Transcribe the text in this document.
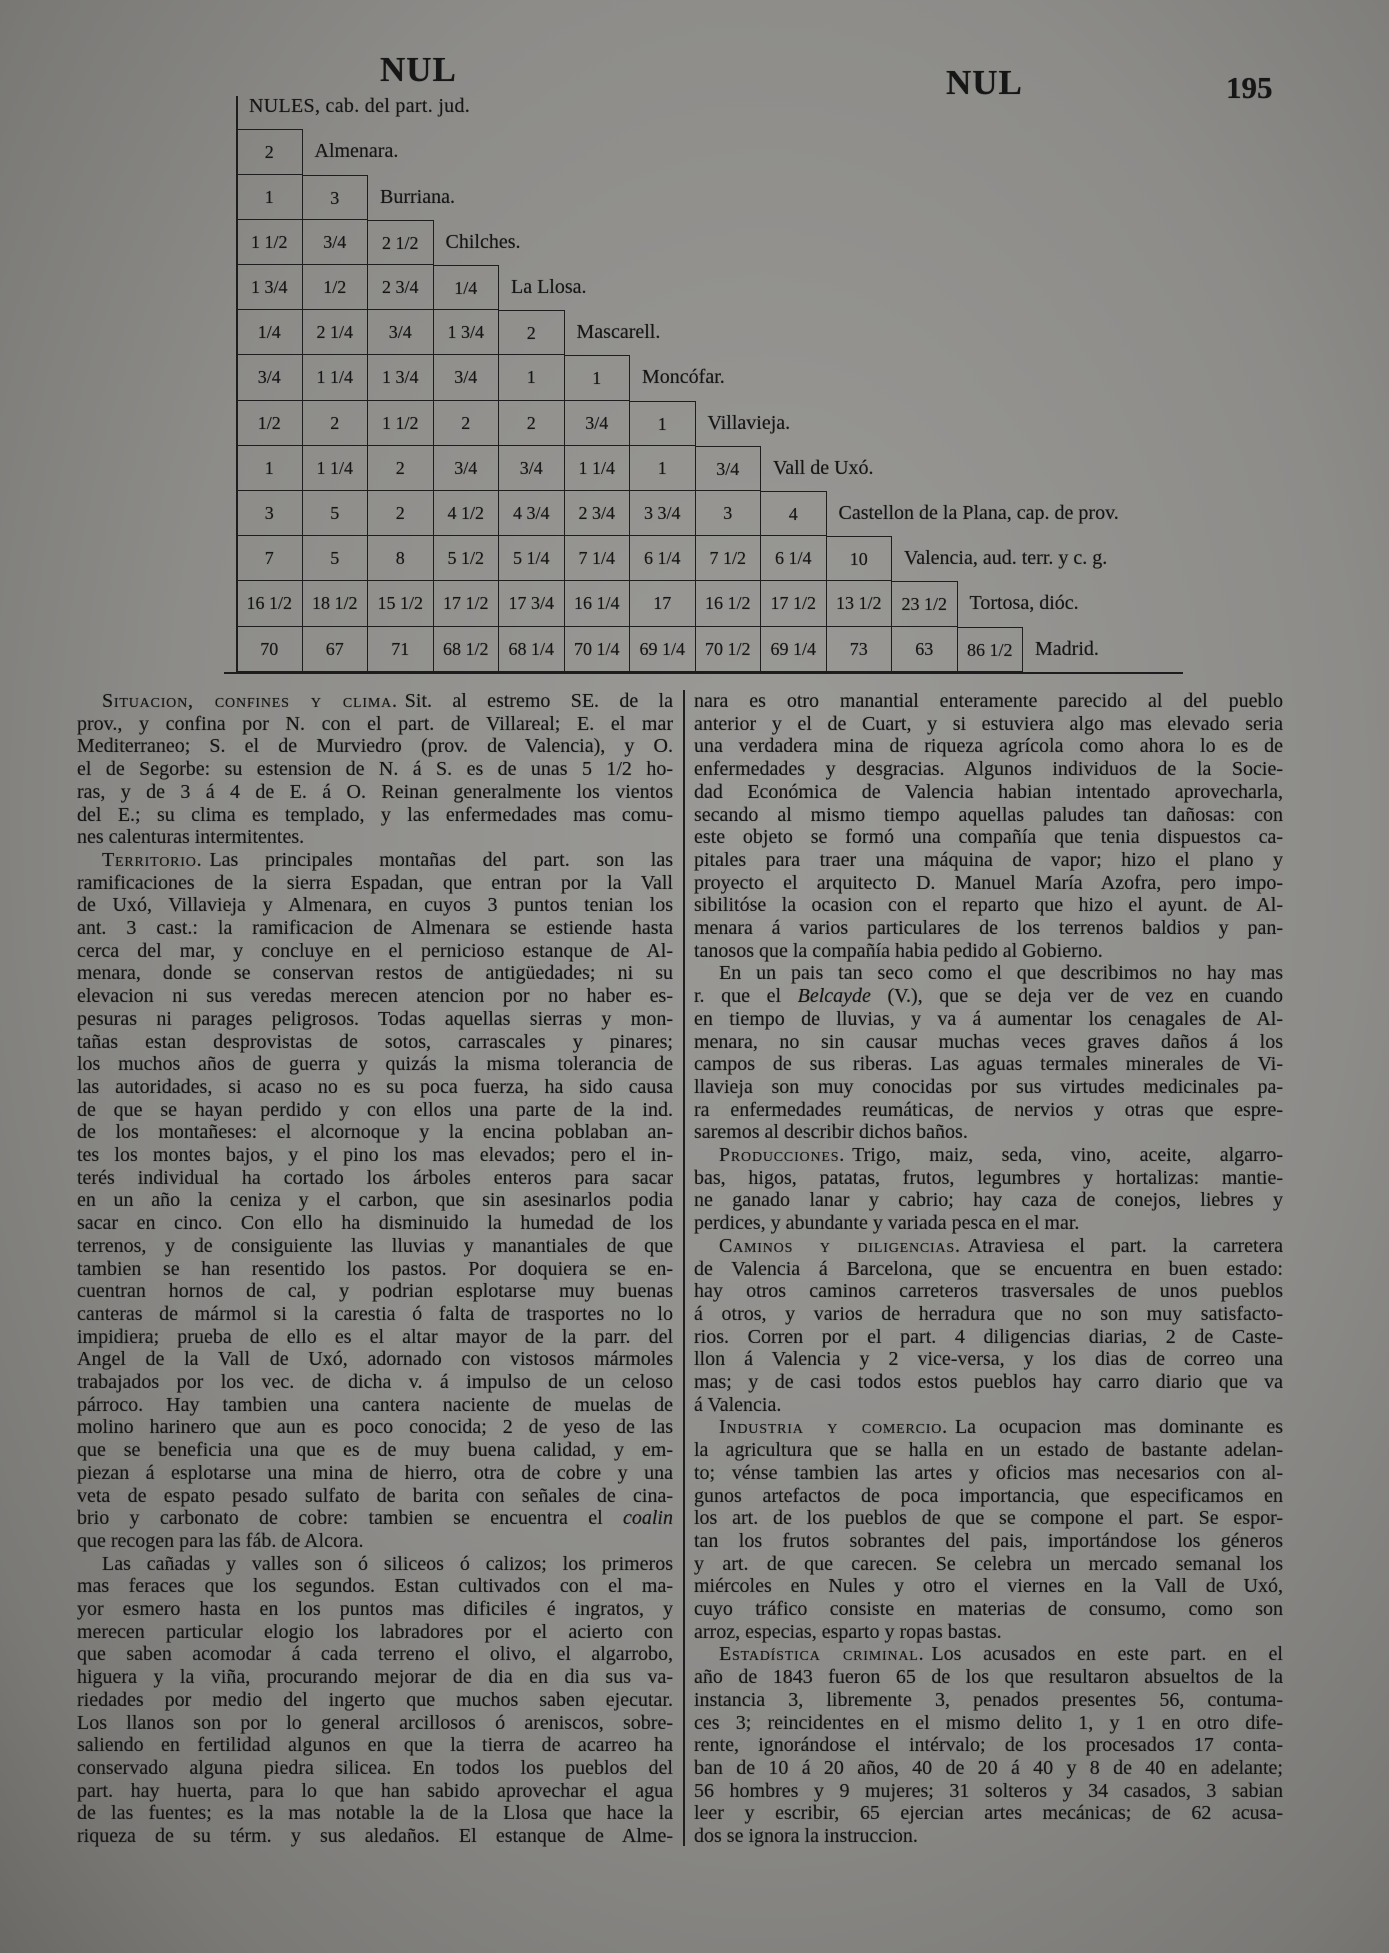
NUL	NUL	195
NULES, cab. del part. jud.
2	Almenara.
1	3	Burriana.
1 1/2	3/4	2 1/2	Chilches.
1 3/4	1/2	2 3/4	1/4	La Llosa.
1/4	2 1/4	3/4	1 3/4	2	Mascarell.
3/4	1 1/4	1 3/4	3/4	1	1	Moncófar.
1/2	2	1 1/2	2	2	3/4	1	Villavieja.
1	1 1/4	2	3/4	3/4	1 1/4	1	3/4	Vall de Uxó.
3	5	2	4 1/2	4 3/4	2 3/4	3 3/4	3	4	Castellon de la Plana, cap. de prov.
7	5	8	5 1/2	5 1/4	7 1/4	6 1/4	7 1/2	6 1/4	10	Valencia, aud. terr. y c. g.
16 1/2	18 1/2	15 1/2	17 1/2	17 3/4	16 1/4	17	16 1/2	17 1/2	13 1/2	23 1/2	Tortosa, dióc.
70	67	71	68 1/2	68 1/4	70 1/4	69 1/4	70 1/2	69 1/4	73	63	86 1/2	Madrid.
Situacion, confines y clima. Sit. al estremo SE. de la
prov., y confina por N. con el part. de Villareal; E. el mar
Mediterraneo; S. el de Murviedro (prov. de Valencia), y O.
el de Segorbe: su estension de N. á S. es de unas 5 1/2 ho-
ras, y de 3 á 4 de E. á O. Reinan generalmente los vientos
del E.; su clima es templado, y las enfermedades mas comu-
nes calenturas intermitentes.
Territorio. Las principales montañas del part. son las
ramificaciones de la sierra Espadan, que entran por la Vall
de Uxó, Villavieja y Almenara, en cuyos 3 puntos tenian los
ant. 3 cast.: la ramificacion de Almenara se estiende hasta
cerca del mar, y concluye en el pernicioso estanque de Al-
menara, donde se conservan restos de antigüedades; ni su
elevacion ni sus veredas merecen atencion por no haber es-
pesuras ni parages peligrosos. Todas aquellas sierras y mon-
tañas estan desprovistas de sotos, carrascales y pinares;
los muchos años de guerra y quizás la misma tolerancia de
las autoridades, si acaso no es su poca fuerza, ha sido causa
de que se hayan perdido y con ellos una parte de la ind.
de los montañeses: el alcornoque y la encina poblaban an-
tes los montes bajos, y el pino los mas elevados; pero el in-
terés individual ha cortado los árboles enteros para sacar
en un año la ceniza y el carbon, que sin asesinarlos podia
sacar en cinco. Con ello ha disminuido la humedad de los
terrenos, y de consiguiente las lluvias y manantiales de que
tambien se han resentido los pastos. Por doquiera se en-
cuentran hornos de cal, y podrian esplotarse muy buenas
canteras de mármol si la carestia ó falta de trasportes no lo
impidiera; prueba de ello es el altar mayor de la parr. del
Angel de la Vall de Uxó, adornado con vistosos mármoles
trabajados por los vec. de dicha v. á impulso de un celoso
párroco. Hay tambien una cantera naciente de muelas de
molino harinero que aun es poco conocida; 2 de yeso de las
que se beneficia una que es de muy buena calidad, y em-
piezan á esplotarse una mina de hierro, otra de cobre y una
veta de espato pesado sulfato de barita con señales de cina-
brio y carbonato de cobre: tambien se encuentra el coalin
que recogen para las fáb. de Alcora.
Las cañadas y valles son ó siliceos ó calizos; los primeros
mas feraces que los segundos. Estan cultivados con el ma-
yor esmero hasta en los puntos mas dificiles é ingratos, y
merecen particular elogio los labradores por el acierto con
que saben acomodar á cada terreno el olivo, el algarrobo,
higuera y la viña, procurando mejorar de dia en dia sus va-
riedades por medio del ingerto que muchos saben ejecutar.
Los llanos son por lo general arcillosos ó areniscos, sobre-
saliendo en fertilidad algunos en que la tierra de acarreo ha
conservado alguna piedra silicea. En todos los pueblos del
part. hay huerta, para lo que han sabido aprovechar el agua
de las fuentes; es la mas notable la de la Llosa que hace la
riqueza de su térm. y sus aledaños. El estanque de Alme-
nara es otro manantial enteramente parecido al del pueblo
anterior y el de Cuart, y si estuviera algo mas elevado seria
una verdadera mina de riqueza agrícola como ahora lo es de
enfermedades y desgracias. Algunos individuos de la Socie-
dad Económica de Valencia habian intentado aprovecharla,
secando al mismo tiempo aquellas paludes tan dañosas: con
este objeto se formó una compañía que tenia dispuestos ca-
pitales para traer una máquina de vapor; hizo el plano y
proyecto el arquitecto D. Manuel María Azofra, pero impo-
sibilitóse la ocasion con el reparto que hizo el ayunt. de Al-
menara á varios particulares de los terrenos baldios y pan-
tanosos que la compañía habia pedido al Gobierno.
En un pais tan seco como el que describimos no hay mas
r. que el Belcayde (V.), que se deja ver de vez en cuando
en tiempo de lluvias, y va á aumentar los cenagales de Al-
menara, no sin causar muchas veces graves daños á los
campos de sus riberas. Las aguas termales minerales de Vi-
llavieja son muy conocidas por sus virtudes medicinales pa-
ra enfermedades reumáticas, de nervios y otras que espre-
saremos al describir dichos baños.
Producciones. Trigo, maiz, seda, vino, aceite, algarro-
bas, higos, patatas, frutos, legumbres y hortalizas: mantie-
ne ganado lanar y cabrio; hay caza de conejos, liebres y
perdices, y abundante y variada pesca en el mar.
Caminos y diligencias. Atraviesa el part. la carretera
de Valencia á Barcelona, que se encuentra en buen estado:
hay otros caminos carreteros trasversales de unos pueblos
á otros, y varios de herradura que no son muy satisfacto-
rios. Corren por el part. 4 diligencias diarias, 2 de Caste-
llon á Valencia y 2 vice-versa, y los dias de correo una
mas; y de casi todos estos pueblos hay carro diario que va
á Valencia.
Industria y comercio. La ocupacion mas dominante es
la agricultura que se halla en un estado de bastante adelan-
to; vénse tambien las artes y oficios mas necesarios con al-
gunos artefactos de poca importancia, que especificamos en
los art. de los pueblos de que se compone el part. Se espor-
tan los frutos sobrantes del pais, importándose los géneros
y art. de que carecen. Se celebra un mercado semanal los
miércoles en Nules y otro el viernes en la Vall de Uxó,
cuyo tráfico consiste en materias de consumo, como son
arroz, especias, esparto y ropas bastas.
Estadística criminal. Los acusados en este part. en el
año de 1843 fueron 65 de los que resultaron absueltos de la
instancia 3, libremente 3, penados presentes 56, contuma-
ces 3; reincidentes en el mismo delito 1, y 1 en otro dife-
rente, ignorándose el intérvalo; de los procesados 17 conta-
ban de 10 á 20 años, 40 de 20 á 40 y 8 de 40 en adelante;
56 hombres y 9 mujeres; 31 solteros y 34 casados, 3 sabian
leer y escribir, 65 ejercian artes mecánicas; de 62 acusa-
dos se ignora la instruccion.
